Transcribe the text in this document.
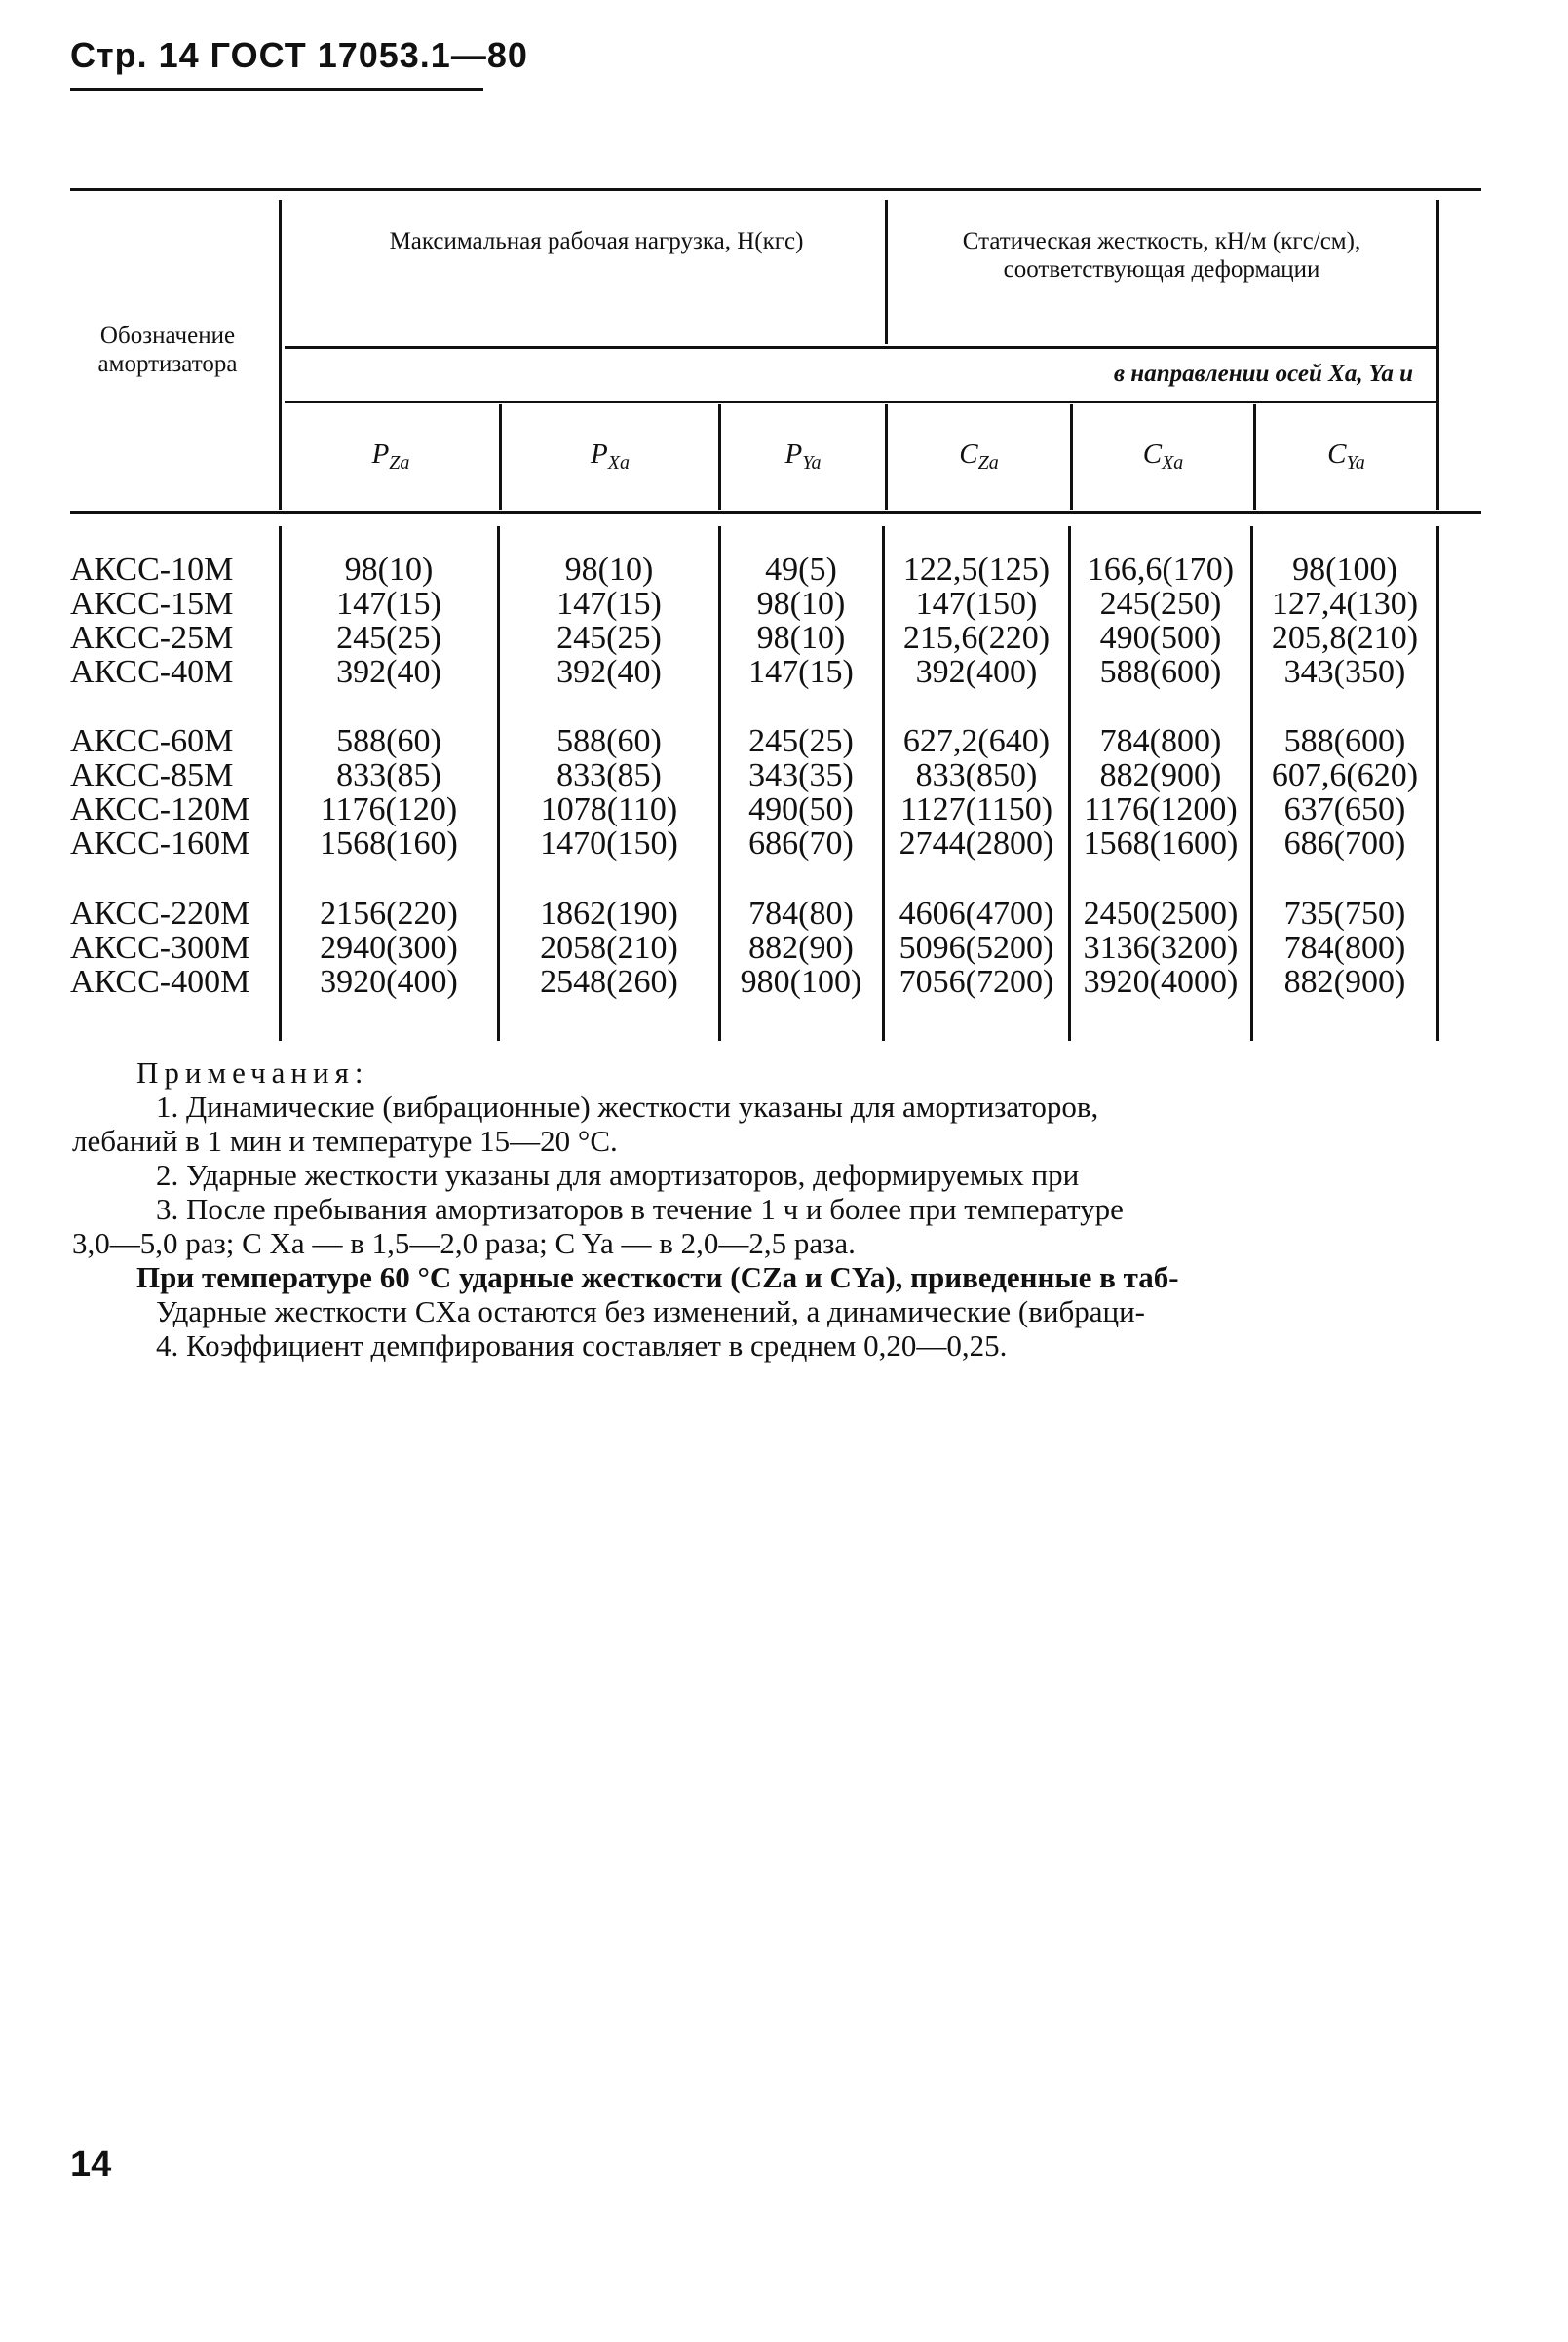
Стр. 14 ГОСТ 17053.1—80
Обозначение амортизатора
Максимальная рабочая нагрузка, Н(кгс)	Статическая жесткость, кН/м (кгс/см), соответствующая деформации
в направлении осей Xa, Ya и
$P_{Za}$	$P_{Xa}$	$P_{Ya}$	$C_{Za}$	$C_{Xa}$	$C_{Ya}$
АКСС-10М	98(10)	98(10)	49(5)	122,5(125)	166,6(170)	98(100)
АКСС-15М	147(15)	147(15)	98(10)	147(150)	245(250)	127,4(130)
АКСС-25М	245(25)	245(25)	98(10)	215,6(220)	490(500)	205,8(210)
АКСС-40М	392(40)	392(40)	147(15)	392(400)	588(600)	343(350)
АКСС-60М	588(60)	588(60)	245(25)	627,2(640)	784(800)	588(600)
АКСС-85М	833(85)	833(85)	343(35)	833(850)	882(900)	607,6(620)
АКСС-120М	1176(120)	1078(110)	490(50)	1127(1150) 1176(1200)	637(650)
АКСС-160М	1568(160)	1470(150)	686(70)	2744(2800) 1568(1600)	686(700)
АКСС-220М	2156(220)	1862(190)	784(80)	4606(4700) 2450(2500)	735(750)
АКСС-300М	2940(300)	2058(210)	882(90)	5096(5200) 3136(3200)	784(800)
АКСС-400М	3920(400)	2548(260)	980(100)	7056(7200) 3920(4000)	882(900)

Примечания:

1. Динамические (вибрационные) жесткости указаны для амортизаторов,

лебаний в 1 мин и температуре 15—20 °С.

2. Ударные жесткости указаны для амортизаторов, деформируемых при

3. После пребывания амортизаторов в течение 1 ч и более при температуре

3,0—5,0 раз; C Xa — в 1,5—2,0 раза; C Ya — в 2,0—2,5 раза.

При температуре 60 °С ударные жесткости (CZa и CYa), приведенные в таб-

Ударные жесткости CXa остаются без изменений, а динамические (вибраци-

4. Коэффициент демпфирования составляет в среднем 0,20—0,25.

14
